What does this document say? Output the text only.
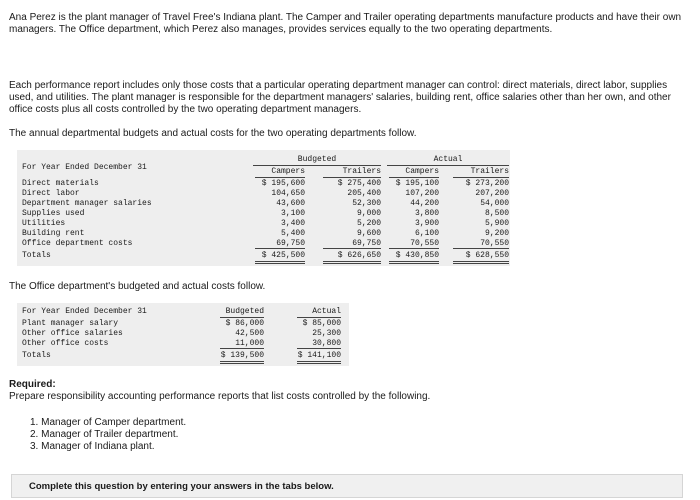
Ana Perez is the plant manager of Travel Free's Indiana plant. The Camper and Trailer operating departments manufacture products and have their own managers. The Office department, which Perez also manages, provides services equally to the two operating departments.

Each performance report includes only those costs that a particular operating department manager can control: direct materials, direct labor, supplies used, and utilities. The plant manager is responsible for the department managers' salaries, building rent, office salaries other than her own, and other office costs plus all costs controlled by the two operating department managers.

The annual departmental budgets and actual costs for the two operating departments follow.

For Year Ended December 31
Budgeted	Actual
Campers	Trailers	Campers	Trailers
Direct materials	$ 195,600	$ 275,400	$ 195,100	$ 273,200
Direct labor	104,650	205,400	107,200	207,200
Department manager salaries	43,600	52,300	44,200	54,000
Supplies used	3,100	9,000	3,800	8,500
Utilities	3,400	5,200	3,900	5,900
Building rent	5,400	9,600	6,100	9,200
Office department costs	69,750	69,750	70,550	70,550
Totals	$ 425,500	$ 626,650	$ 430,850	$ 628,550

The Office department's budgeted and actual costs follow.

For Year Ended December 31	Budgeted	Actual
Plant manager salary	$ 86,000	$ 85,000
Other office salaries	42,500	25,300
Other office costs	11,000	30,800
Totals	$ 139,500	$ 141,100
Required:
Prepare responsibility accounting performance reports that list costs controlled by the following.
1. Manager of Camper department.
2. Manager of Trailer department.
3. Manager of Indiana plant.
Complete this question by entering your answers in the tabs below.
